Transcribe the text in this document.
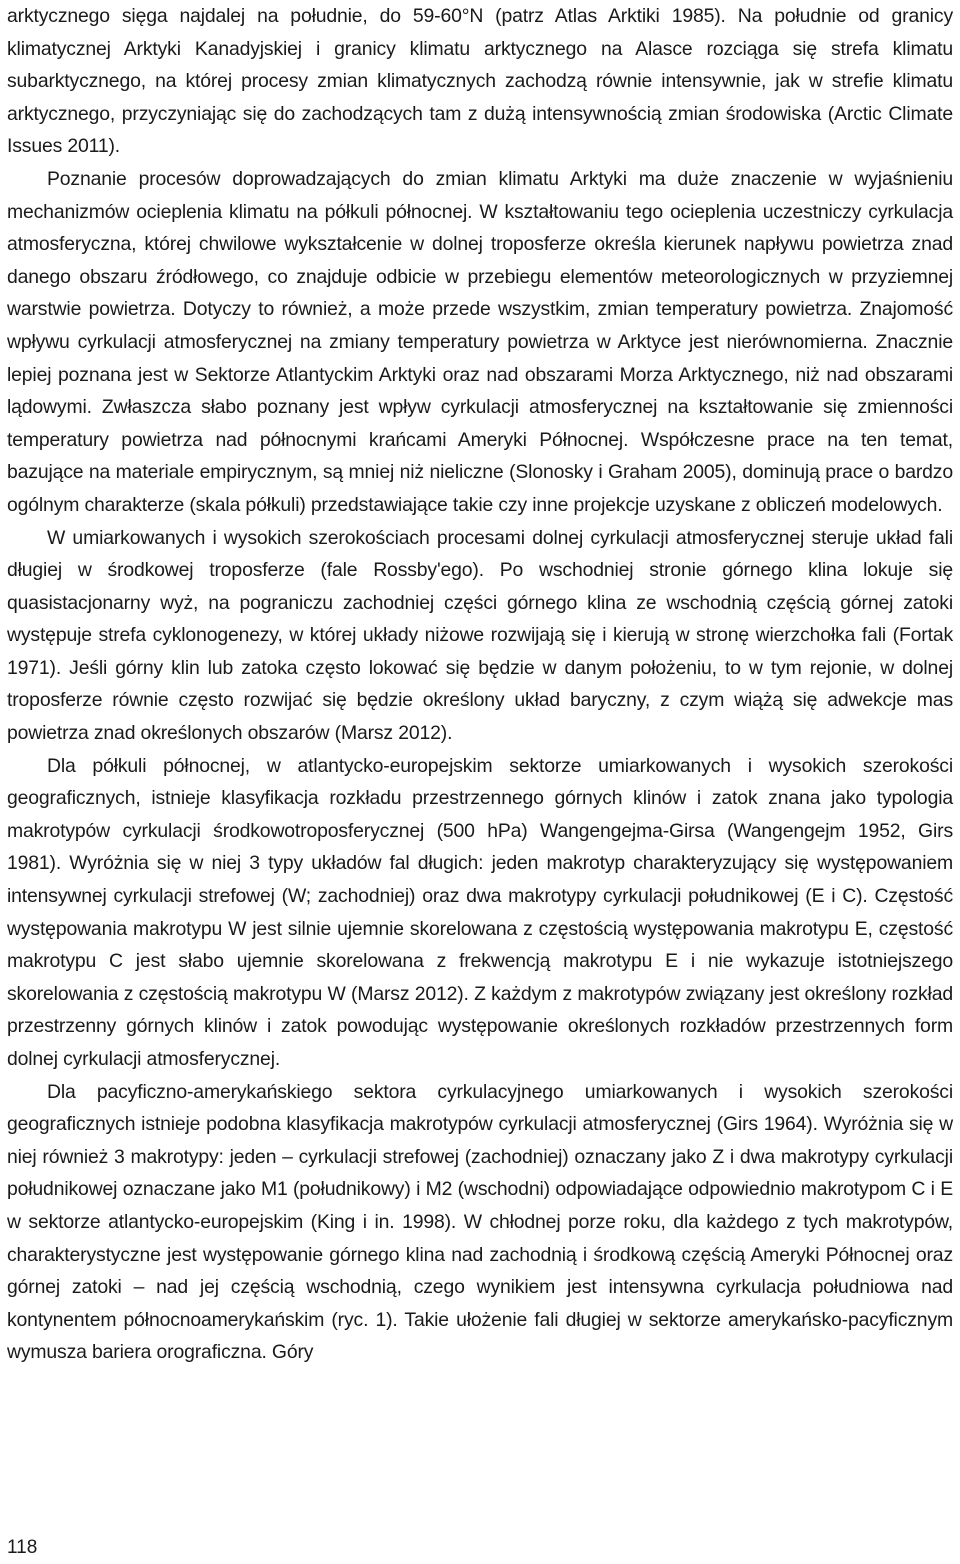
arktycznego sięga najdalej na południe, do 59-60°N (patrz Atlas Arktiki 1985). Na południe od granicy klimatycznej Arktyki Kanadyjskiej i granicy klimatu arktycznego na Alasce rozciąga się strefa klimatu subarktycznego, na której procesy zmian klimatycznych zachodzą równie intensywnie, jak w strefie klimatu arktycznego, przyczyniając się do zachodzących tam z dużą intensywnością zmian środowiska (Arctic Climate Issues 2011).

Poznanie procesów doprowadzających do zmian klimatu Arktyki ma duże znaczenie w wyjaśnieniu mechanizmów ocieplenia klimatu na półkuli północnej. W kształtowaniu tego ocieplenia uczestniczy cyrkulacja atmosferyczna, której chwilowe wykształcenie w dolnej troposferze określa kierunek napływu powietrza znad danego obszaru źródłowego, co znajduje odbicie w przebiegu elementów meteorologicznych w przyziemnej warstwie powietrza. Dotyczy to również, a może przede wszystkim, zmian temperatury powietrza. Znajomość wpływu cyrkulacji atmosferycznej na zmiany temperatury powietrza w Arktyce jest nierównomierna. Znacznie lepiej poznana jest w Sektorze Atlantyckim Arktyki oraz nad obszarami Morza Arktycznego, niż nad obszarami lądowymi. Zwłaszcza słabo poznany jest wpływ cyrkulacji atmosferycznej na kształtowanie się zmienności temperatury powietrza nad północnymi krańcami Ameryki Północnej. Współczesne prace na ten temat, bazujące na materiale empirycznym, są mniej niż nieliczne (Slonosky i Graham 2005), dominują prace o bardzo ogólnym charakterze (skala półkuli) przedstawiające takie czy inne projekcje uzyskane z obliczeń modelowych.

W umiarkowanych i wysokich szerokościach procesami dolnej cyrkulacji atmosferycznej steruje układ fali długiej w środkowej troposferze (fale Rossby'ego). Po wschodniej stronie górnego klina lokuje się quasistacjonarny wyż, na pograniczu zachodniej części górnego klina ze wschodnią częścią górnej zatoki występuje strefa cyklonogenezy, w której układy niżowe rozwijają się i kierują w stronę wierzchołka fali (Fortak 1971). Jeśli górny klin lub zatoka często lokować się będzie w danym położeniu, to w tym rejonie, w dolnej troposferze równie często rozwijać się będzie określony układ baryczny, z czym wiążą się adwekcje mas powietrza znad określonych obszarów (Marsz 2012).

Dla półkuli północnej, w atlantycko-europejskim sektorze umiarkowanych i wysokich szerokości geograficznych, istnieje klasyfikacja rozkładu przestrzennego górnych klinów i zatok znana jako typologia makrotypów cyrkulacji środkowotroposferycznej (500 hPa) Wangengejma-Girsa (Wangengejm 1952, Girs 1981). Wyróżnia się w niej 3 typy układów fal długich: jeden makrotyp charakteryzujący się występowaniem intensywnej cyrkulacji strefowej (W; zachodniej) oraz dwa makrotypy cyrkulacji południkowej (E i C). Częstość występowania makrotypu W jest silnie ujemnie skorelowana z częstością występowania makrotypu E, częstość makrotypu C jest słabo ujemnie skorelowana z frekwencją makrotypu E i nie wykazuje istotniejszego skorelowania z częstością makrotypu W (Marsz 2012). Z każdym z makrotypów związany jest określony rozkład przestrzenny górnych klinów i zatok powodując występowanie określonych rozkładów przestrzennych form dolnej cyrkulacji atmosferycznej.

Dla pacyficzno-amerykańskiego sektora cyrkulacyjnego umiarkowanych i wysokich szerokości geograficznych istnieje podobna klasyfikacja makrotypów cyrkulacji atmosferycznej (Girs 1964). Wyróżnia się w niej również 3 makrotypy: jeden – cyrkulacji strefowej (zachodniej) oznaczany jako Z i dwa makrotypy cyrkulacji południkowej oznaczane jako M1 (południkowy) i M2 (wschodni) odpowiadające odpowiednio makrotypom C i E w sektorze atlantycko-europejskim (King i in. 1998). W chłodnej porze roku, dla każdego z tych makrotypów, charakterystyczne jest występowanie górnego klina nad zachodnią i środkową częścią Ameryki Północnej oraz górnej zatoki – nad jej częścią wschodnią, czego wynikiem jest intensywna cyrkulacja południowa nad kontynentem północnoamerykańskim (ryc. 1). Takie ułożenie fali długiej w sektorze amerykańsko-pacyficznym wymusza bariera orograficzna. Góry

118
